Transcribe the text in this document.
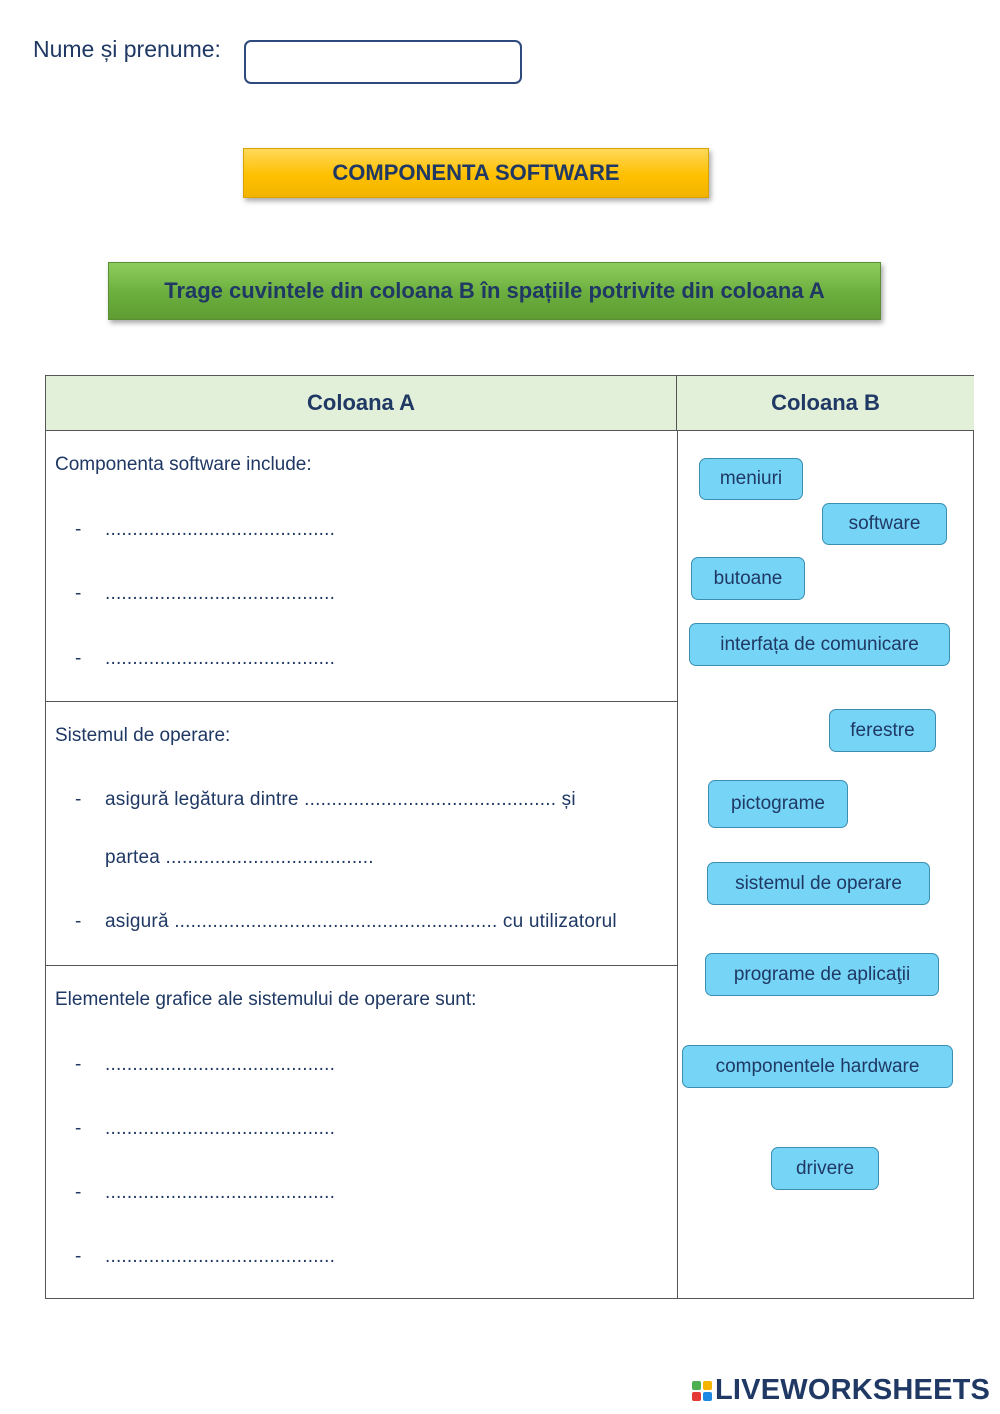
Nume și prenume:
COMPONENTA SOFTWARE
Trage cuvintele din coloana B în spațiile potrivite din coloana A
Coloana A	Coloana B
Componenta software include:
- ..........................................
- ..........................................
- ..........................................
Sistemul de operare:
- asigură legătura dintre .............................................. și
partea ......................................
- asigură ........................................................... cu utilizatorul
Elementele grafice ale sistemului de operare sunt:
- ..........................................
- ..........................................
- ..........................................
- ..........................................
meniuri
software
butoane
interfața de comunicare
ferestre
pictograme
sistemul de operare
programe de aplicaţii
componentele hardware
drivere
LIVEWORKSHEETS
